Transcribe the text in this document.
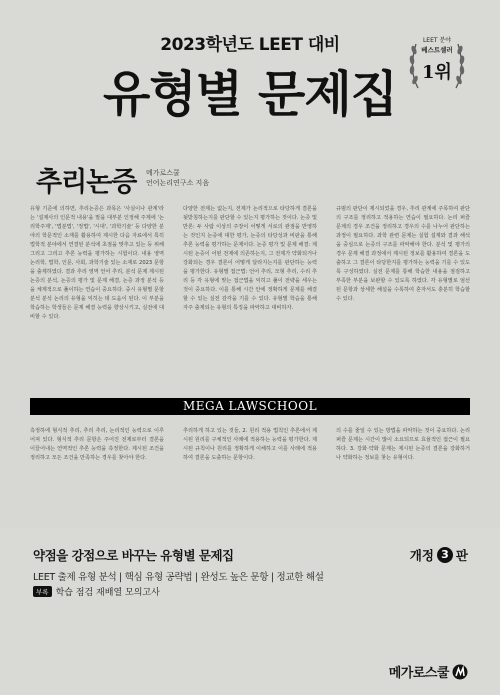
2023학년도 LEET 대비
유형별 문제집
LEET 분야
베스트셀러
1위
추리논증 메가로스쿨
언어논리연구소 지음
유형 기준에 의하면, 추리논증은 과목은 '사실이나 관계'라는 '설제사의 인문적 내용'을 말을 대부분 인정해 주제에 '논리학주제', '법분법', '정법', '시대', '과학기술' 등 다양한 분야의 학문적인 소재를 활용하여 제시한 다음 자료에서 특히 법학적 분야에서 연결된 분석에 초점을 맞추고 있는 등 위해 그리고 그리고 추론 능력을 평가하는 시험이다. 내용 영역 논리학, 법학, 인문, 사회, 과학기술 있는 소재로 2023 문항을 출제하였다. 결과 추리 영역 언어 추리, 분석 문제 제시된 논증의 분석, 논증의 평가 및 문제 해결, 논증 과정 분석 등을 체계적으로 풀이하는 연습이 중요하다. 중시 유형별 문항 분석 분석 논리의 유형을 익히는 데 도움이 된다. 이 부분을 학습하는 학생들은 문제 해결 능력을 향상시키고, 실전에 대비할 수 있다.
다양한 전제는 없는지, 전제가 논리적으로 타당하게 결론을 뒷받침하는지를 판단할 수 있는지 평가하는 것이다. 논증 및 반론: 두 사람 이상의 주장이 어떻게 서로의 관점을 반영하는 것인지 논증에 대한 평가, 논증의 타당성과 비판을 통해 추론 능력을 평가하는 문제이다. 논증 평가 및 문제 해결: 제시된 논증이 어떤 전제에 의존하는지, 그 전제가 약화되거나 강화되는 경우 결론이 어떻게 달라지는지를 판단하는 능력을 평가한다. 유형별 접근법: 언어 추리, 모형 추리, 수리 추리 등 각 유형에 맞는 접근법을 익히고 풀이 전략을 세우는 것이 중요하다. 이를 통해 시간 안에 정확하게 문제를 해결할 수 있는 실전 감각을 기를 수 있다. 유형별 학습을 통해 자주 출제되는 유형의 특징을 파악하고 대비하자.
규범의 판단이 제시되었을 경우, 추리 관계에 주목하여 판단의 구조를 정리하고 적용하는 연습이 필요하다. 논리 퍼즐 문제의 경우 조건을 정리하고 경우의 수를 나누어 판단하는 과정이 필요하다. 과학 관련 문제는 실험 설계와 결과 해석을 중심으로 논증의 구조를 파악해야 한다. 분석 및 평가의 경우 문제 해결 과정에서 제시된 정보를 활용하여 결론을 도출하고 그 결론이 타당한지를 평가하는 능력을 기를 수 있도록 구성하였다. 실전 문제를 통해 학습한 내용을 점검하고 부족한 부분을 보완할 수 있도록 하였다. 각 유형별로 엄선된 문항과 상세한 해설을 수록하여 혼자서도 충분히 학습할 수 있다.
측정하에 형식적 추리, 추리 추리, 논리적인 능력으로 이루어져 있다. 형식적 추리 문항은 주어진 전제로부터 결론을 이끌어내는 연역적인 추론 능력을 측정한다. 제시된 조건을 정리하고 모든 조건을 만족하는 경우를 찾아야 한다.
추리하게 하고 있는 것들, 2. 원리 적용 법칙인 추론에서 제시된 원리를 구체적인 사례에 적용하는 능력을 평가한다. 제시된 규칙이나 원리를 정확하게 이해하고 이를 사례에 적용하여 결론을 도출하는 문항이다.
의 수를 줄일 수 있는 방법을 파악하는 것이 중요하다. 논리 퍼즐 문제는 시간이 많이 소요되므로 효율적인 접근이 필요하다. 3. 강화·약화 문제는 제시된 논증의 결론을 강화하거나 약화하는 정보를 찾는 유형이다.
MEGA LAWSCHOOL
약점을 강점으로 바꾸는 유형별 문제집	개정 3 판
LEET 출제 유형 분석 | 핵심 유형 공략법 | 완성도 높은 문항 | 정교한 해설
부록 학습 점검 재배열 모의고사
메가로스쿨
